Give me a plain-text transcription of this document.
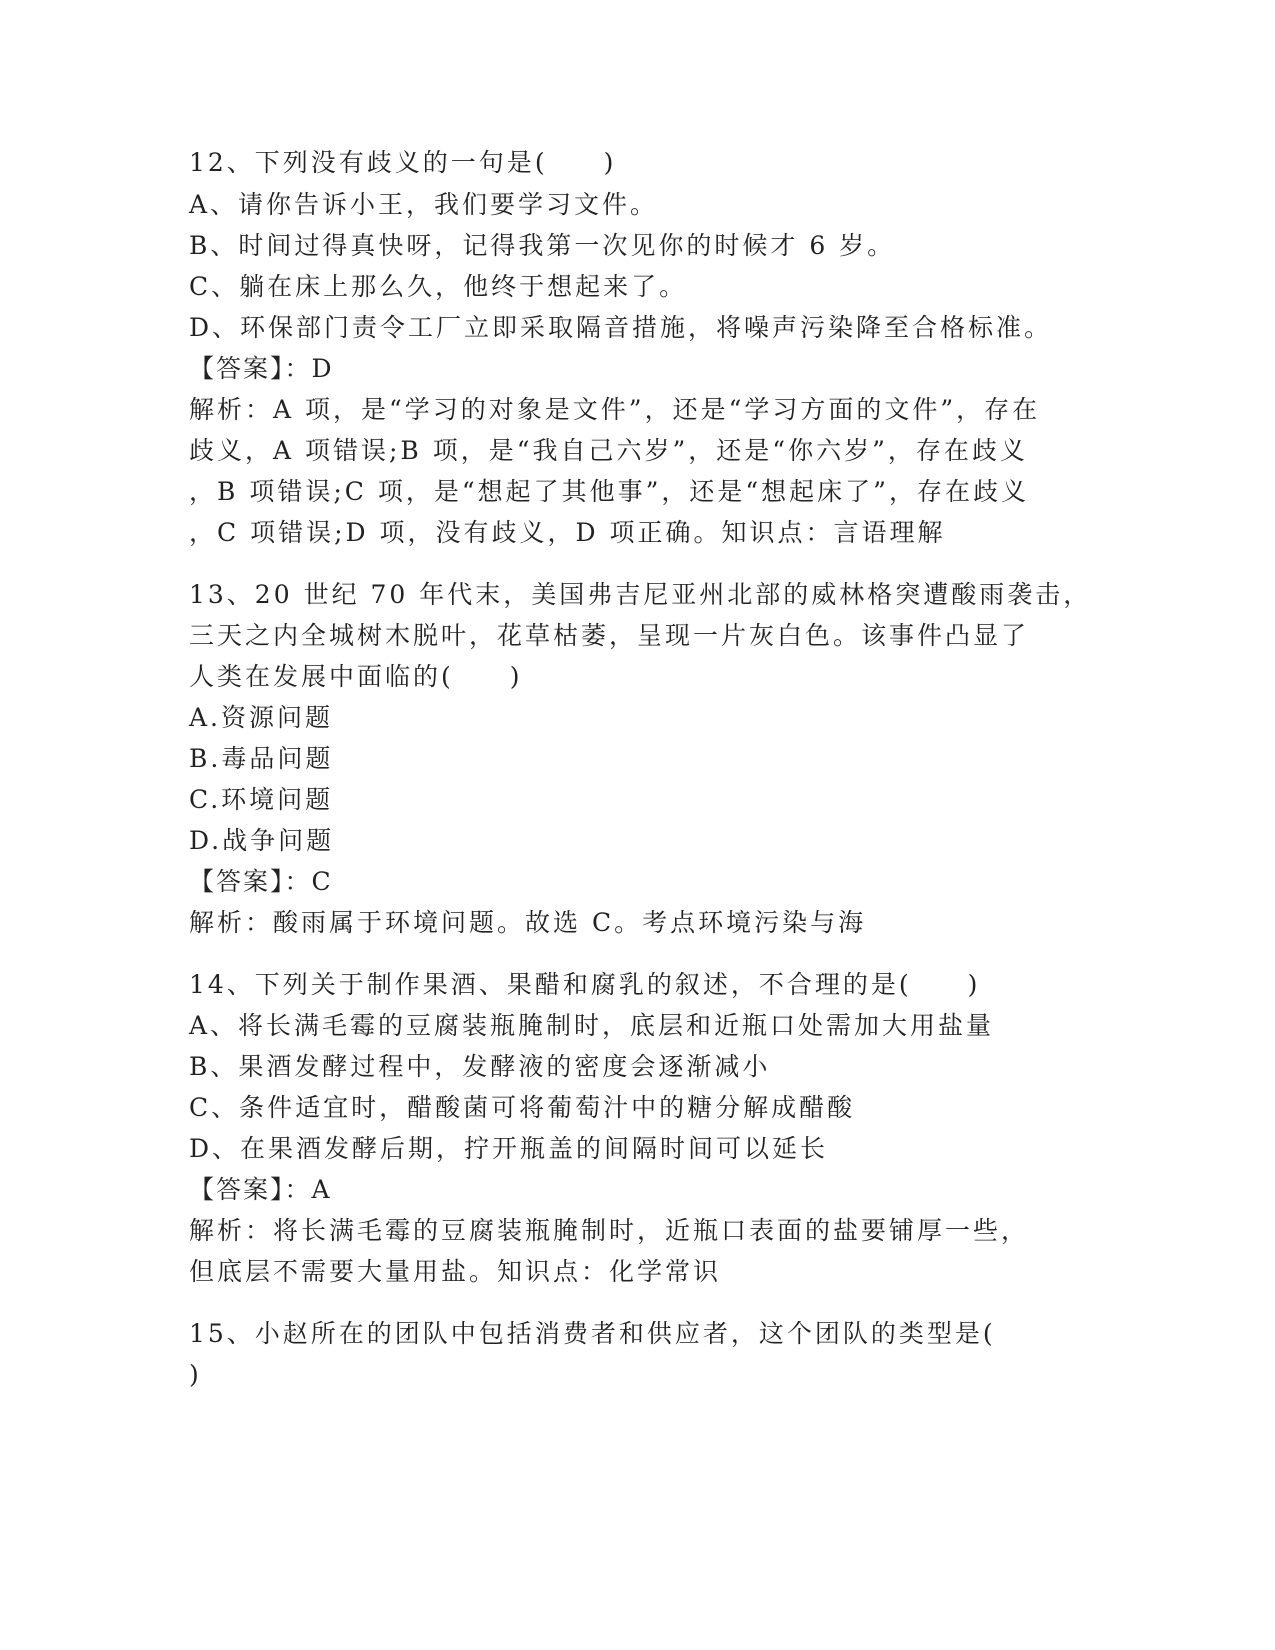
12、下列没有歧义的一句是(　　)
A、请你告诉小王，我们要学习文件。
B、时间过得真快呀，记得我第一次见你的时候才 6 岁。
C、躺在床上那么久，他终于想起来了。
D、环保部门责令工厂立即采取隔音措施，将噪声污染降至合格标准。
【答案】：D
解析：A 项，是“学习的对象是文件”，还是“学习方面的文件”，存在
歧义，A 项错误;B 项，是“我自己六岁”，还是“你六岁”，存在歧义
，B 项错误;C 项，是“想起了其他事”，还是“想起床了”，存在歧义
，C 项错误;D 项，没有歧义，D 项正确。知识点：言语理解
13、20 世纪 70 年代末，美国弗吉尼亚州北部的威林格突遭酸雨袭击，
三天之内全城树木脱叶，花草枯萎，呈现一片灰白色。该事件凸显了
人类在发展中面临的(　　)
A.资源问题
B.毒品问题
C.环境问题
D.战争问题
【答案】：C
解析：酸雨属于环境问题。故选 C。考点环境污染与海
14、下列关于制作果酒、果醋和腐乳的叙述，不合理的是(　　)
A、将长满毛霉的豆腐装瓶腌制时，底层和近瓶口处需加大用盐量
B、果酒发酵过程中，发酵液的密度会逐渐减小
C、条件适宜时，醋酸菌可将葡萄汁中的糖分解成醋酸
D、在果酒发酵后期，拧开瓶盖的间隔时间可以延长
【答案】：A
解析：将长满毛霉的豆腐装瓶腌制时，近瓶口表面的盐要铺厚一些，
但底层不需要大量用盐。知识点：化学常识
15、小赵所在的团队中包括消费者和供应者，这个团队的类型是(
)
